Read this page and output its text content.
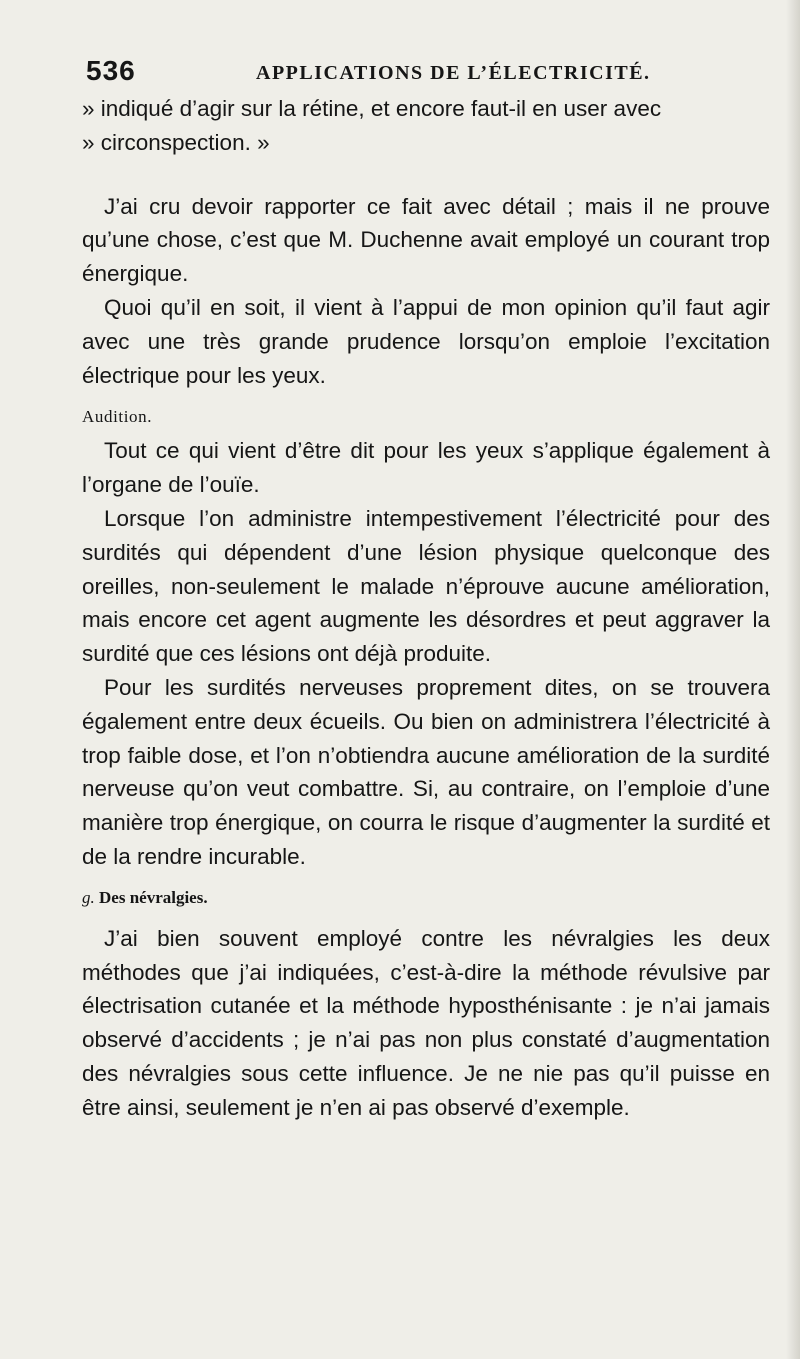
536	APPLICATIONS DE L’ÉLECTRICITÉ.

» indiqué d’agir sur la rétine, et encore faut-il en user avec

» circonspection. »

J’ai cru devoir rapporter ce fait avec détail ; mais il ne prouve qu’une chose, c’est que M. Duchenne avait employé un courant trop énergique.

Quoi qu’il en soit, il vient à l’appui de mon opinion qu’il faut agir avec une très grande prudence lorsqu’on emploie l’excitation électrique pour les yeux.

Audition.

Tout ce qui vient d’être dit pour les yeux s’applique également à l’organe de l’ouïe.

Lorsque l’on administre intempestivement l’électricité pour des surdités qui dépendent d’une lésion physique quelconque des oreilles, non-seulement le malade n’éprouve aucune amélioration, mais encore cet agent augmente les désordres et peut aggraver la surdité que ces lésions ont déjà produite.

Pour les surdités nerveuses proprement dites, on se trouvera également entre deux écueils. Ou bien on administrera l’électricité à trop faible dose, et l’on n’obtiendra aucune amélioration de la surdité nerveuse qu’on veut combattre. Si, au contraire, on l’emploie d’une manière trop énergique, on courra le risque d’augmenter la surdité et de la rendre incurable.

g. Des névralgies.

J’ai bien souvent employé contre les névralgies les deux méthodes que j’ai indiquées, c’est-à-dire la méthode révulsive par électrisation cutanée et la méthode hyposthénisante : je n’ai jamais observé d’accidents ; je n’ai pas non plus constaté d’augmentation des névralgies sous cette influence. Je ne nie pas qu’il puisse en être ainsi, seulement je n’en ai pas observé d’exemple.
